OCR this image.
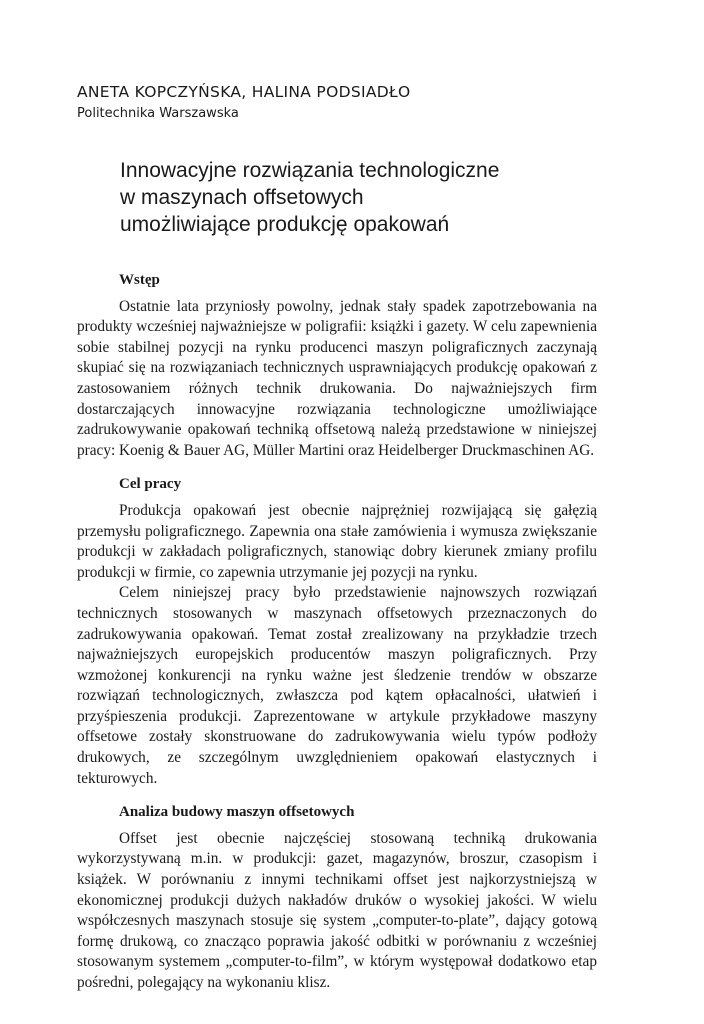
ANETA KOPCZYŃSKA, HALINA PODSIADŁO
Politechnika Warszawska
Innowacyjne rozwiązania technologiczne
w maszynach offsetowych
umożliwiające produkcję opakowań
Wstęp

Ostatnie lata przyniosły powolny, jednak stały spadek zapotrzebowania na produkty wcześniej najważniejsze w poligrafii: książki i gazety. W celu zapewnienia sobie stabilnej pozycji na rynku producenci maszyn poligraficznych zaczynają skupiać się na rozwiązaniach technicznych usprawniających produkcję opakowań z zastosowaniem różnych technik drukowania. Do najważniejszych firm dostarczających innowacyjne rozwiązania technologiczne umożliwiające zadrukowywanie opakowań techniką offsetową należą przedstawione w niniejszej pracy: Koenig & Bauer AG, Müller Martini oraz Heidelberger Druckmaschinen AG.

Cel pracy

Produkcja opakowań jest obecnie najprężniej rozwijającą się gałęzią przemysłu poligraficznego. Zapewnia ona stałe zamówienia i wymusza zwiększanie produkcji w zakładach poligraficznych, stanowiąc dobry kierunek zmiany profilu produkcji w firmie, co zapewnia utrzymanie jej pozycji na rynku.

Celem niniejszej pracy było przedstawienie najnowszych rozwiązań technicznych stosowanych w maszynach offsetowych przeznaczonych do zadrukowywania opakowań. Temat został zrealizowany na przykładzie trzech najważniejszych europejskich producentów maszyn poligraficznych. Przy wzmożonej konkurencji na rynku ważne jest śledzenie trendów w obszarze rozwiązań technologicznych, zwłaszcza pod kątem opłacalności, ułatwień i przyśpieszenia produkcji. Zaprezentowane w artykule przykładowe maszyny offsetowe zostały skonstruowane do zadrukowywania wielu typów podłoży drukowych, ze szczególnym uwzględnieniem opakowań elastycznych i tekturowych.

Analiza budowy maszyn offsetowych

Offset jest obecnie najczęściej stosowaną techniką drukowania wykorzystywaną m.in. w produkcji: gazet, magazynów, broszur, czasopism i książek. W porównaniu z innymi technikami offset jest najkorzystniejszą w ekonomicznej produkcji dużych nakładów druków o wysokiej jakości. W wielu współczesnych maszynach stosuje się system „computer-to-plate”, dający gotową formę drukową, co znacząco poprawia jakość odbitki w porównaniu z wcześniej stosowanym systemem „computer-to-film”, w którym występował dodatkowo etap pośredni, polegający na wykonaniu klisz.
